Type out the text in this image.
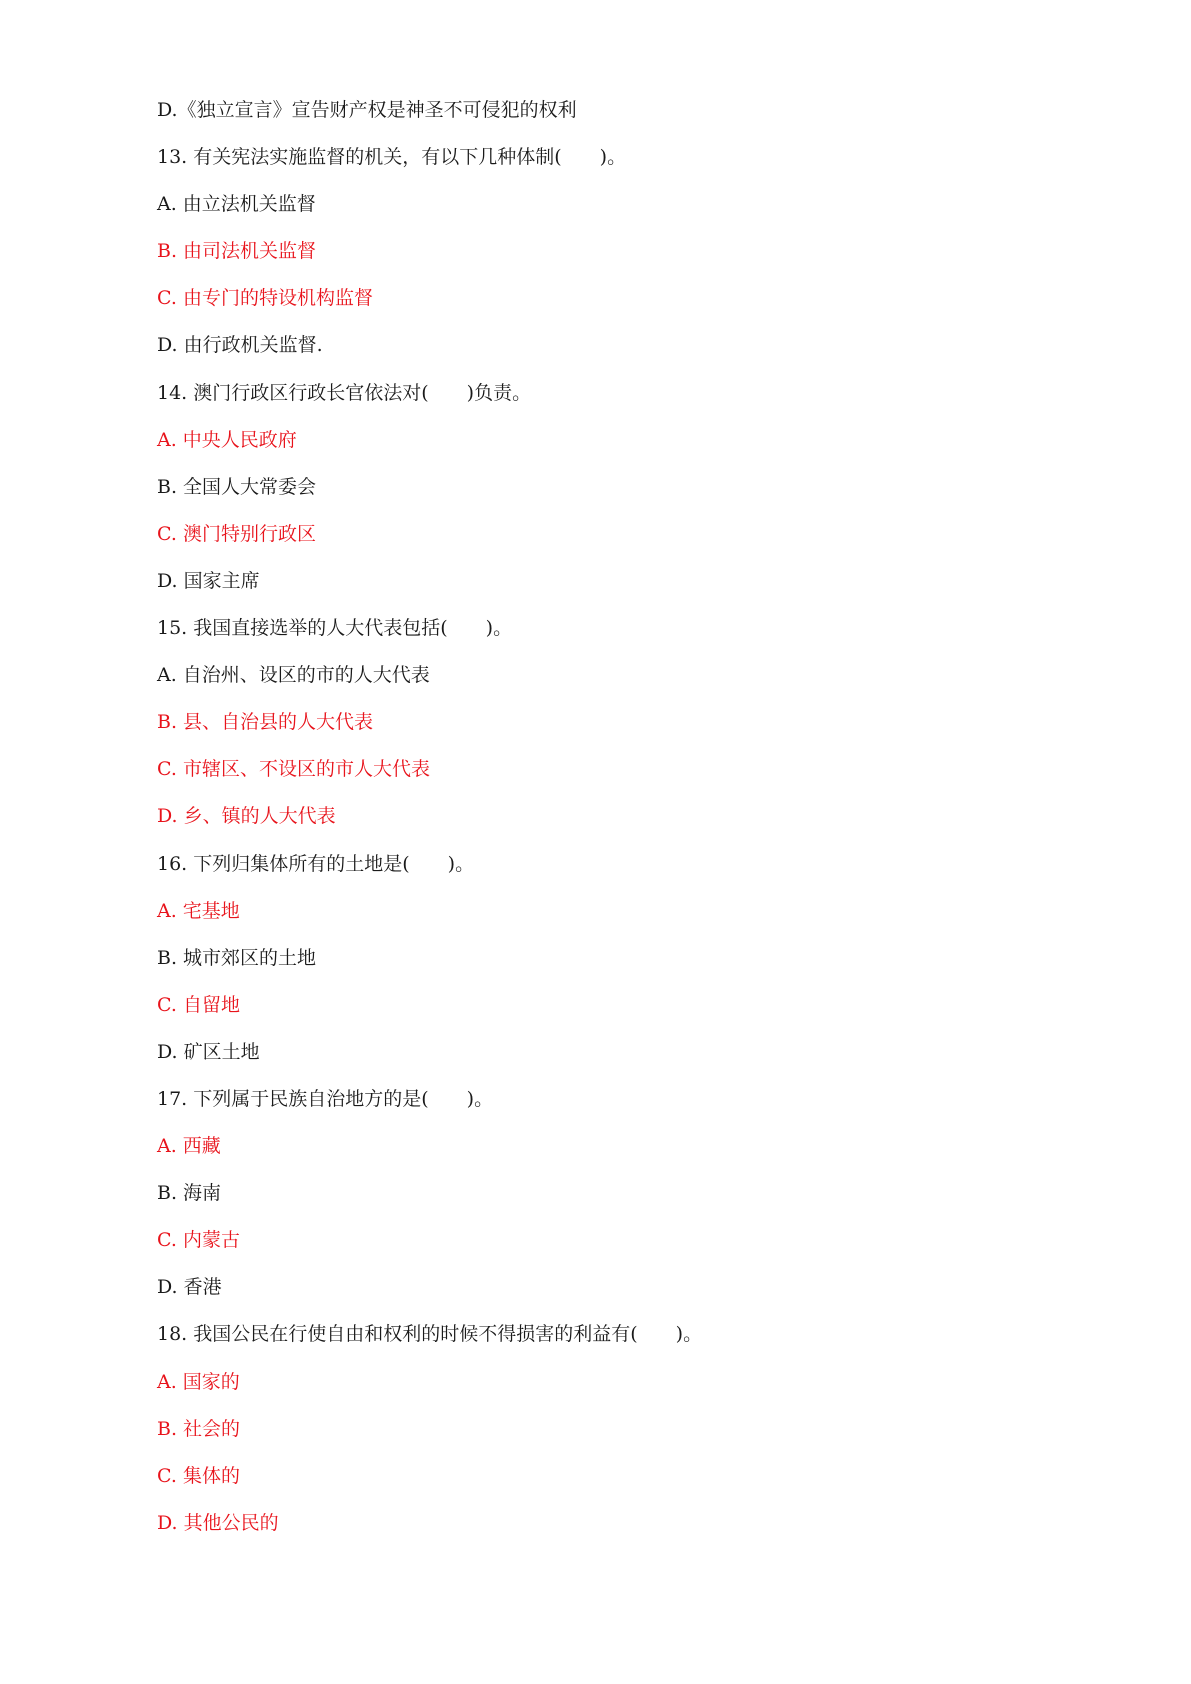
D.《独立宣言》宣告财产权是神圣不可侵犯的权利
13. 有关宪法实施监督的机关，有以下几种体制(　　)。
A. 由立法机关监督
B. 由司法机关监督
C. 由专门的特设机构监督
D. 由行政机关监督.
14. 澳门行政区行政长官依法对(　　)负责。
A. 中央人民政府
B. 全国人大常委会
C. 澳门特别行政区
D. 国家主席
15. 我国直接选举的人大代表包括(　　)。
A. 自治州、设区的市的人大代表
B. 县、自治县的人大代表
C. 市辖区、不设区的市人大代表
D. 乡、镇的人大代表
16. 下列归集体所有的土地是(　　)。
A. 宅基地
B. 城市郊区的土地
C. 自留地
D. 矿区土地
17. 下列属于民族自治地方的是(　　)。
A. 西藏
B. 海南
C. 内蒙古
D. 香港
18. 我国公民在行使自由和权利的时候不得损害的利益有(　　)。
A. 国家的
B. 社会的
C. 集体的
D. 其他公民的
